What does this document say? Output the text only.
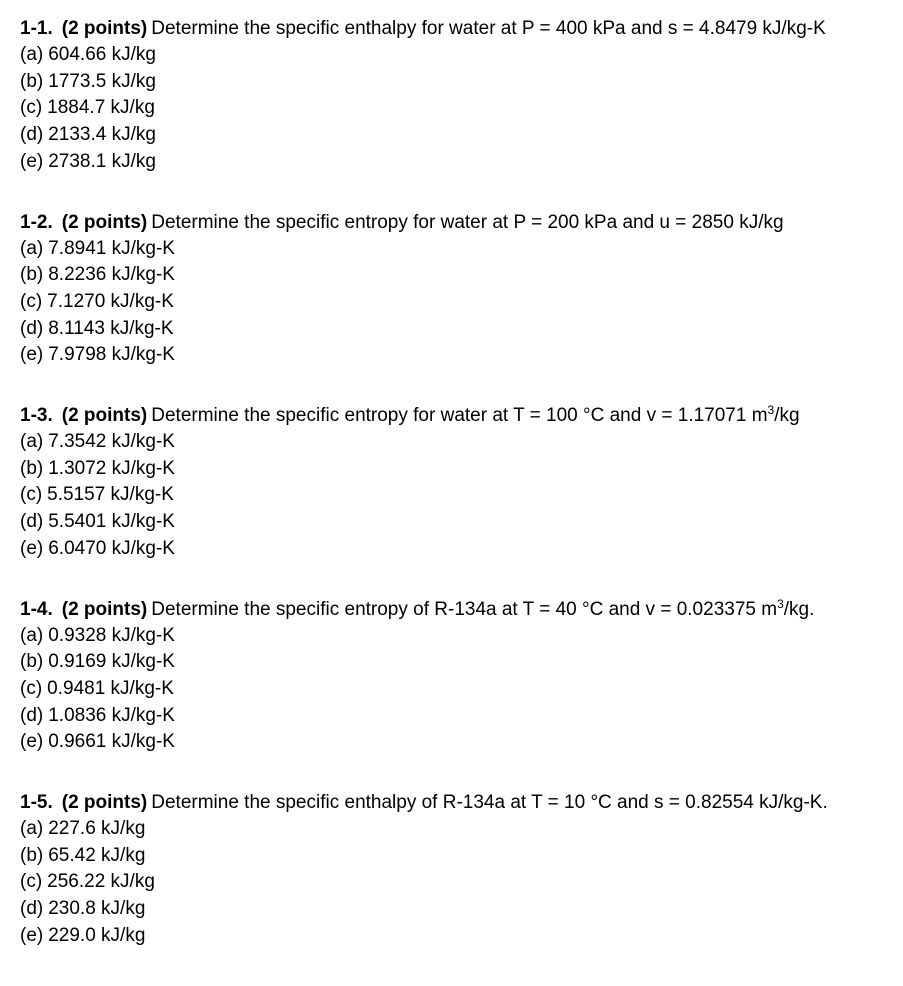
1-1. (2 points) Determine the specific enthalpy for water at P = 400 kPa and s = 4.8479 kJ/kg-K
(a) 604.66 kJ/kg
(b) 1773.5 kJ/kg
(c) 1884.7 kJ/kg
(d) 2133.4 kJ/kg
(e) 2738.1 kJ/kg
1-2. (2 points) Determine the specific entropy for water at P = 200 kPa and u = 2850 kJ/kg
(a) 7.8941 kJ/kg-K
(b) 8.2236 kJ/kg-K
(c) 7.1270 kJ/kg-K
(d) 8.1143 kJ/kg-K
(e) 7.9798 kJ/kg-K
1-3. (2 points) Determine the specific entropy for water at T = 100 °C and v = 1.17071 $m^3/kg$
(a) 7.3542 kJ/kg-K
(b) 1.3072 kJ/kg-K
(c) 5.5157 kJ/kg-K
(d) 5.5401 kJ/kg-K
(e) 6.0470 kJ/kg-K
1-4. (2 points) Determine the specific entropy of R-134a at T = 40 °C and v = 0.023375 $m^3/kg$.
(a) 0.9328 kJ/kg-K
(b) 0.9169 kJ/kg-K
(c) 0.9481 kJ/kg-K
(d) 1.0836 kJ/kg-K
(e) 0.9661 kJ/kg-K
1-5. (2 points) Determine the specific enthalpy of R-134a at T = 10 °C and s = 0.82554 kJ/kg-K.
(a) 227.6 kJ/kg
(b) 65.42 kJ/kg
(c) 256.22 kJ/kg
(d) 230.8 kJ/kg
(e) 229.0 kJ/kg
